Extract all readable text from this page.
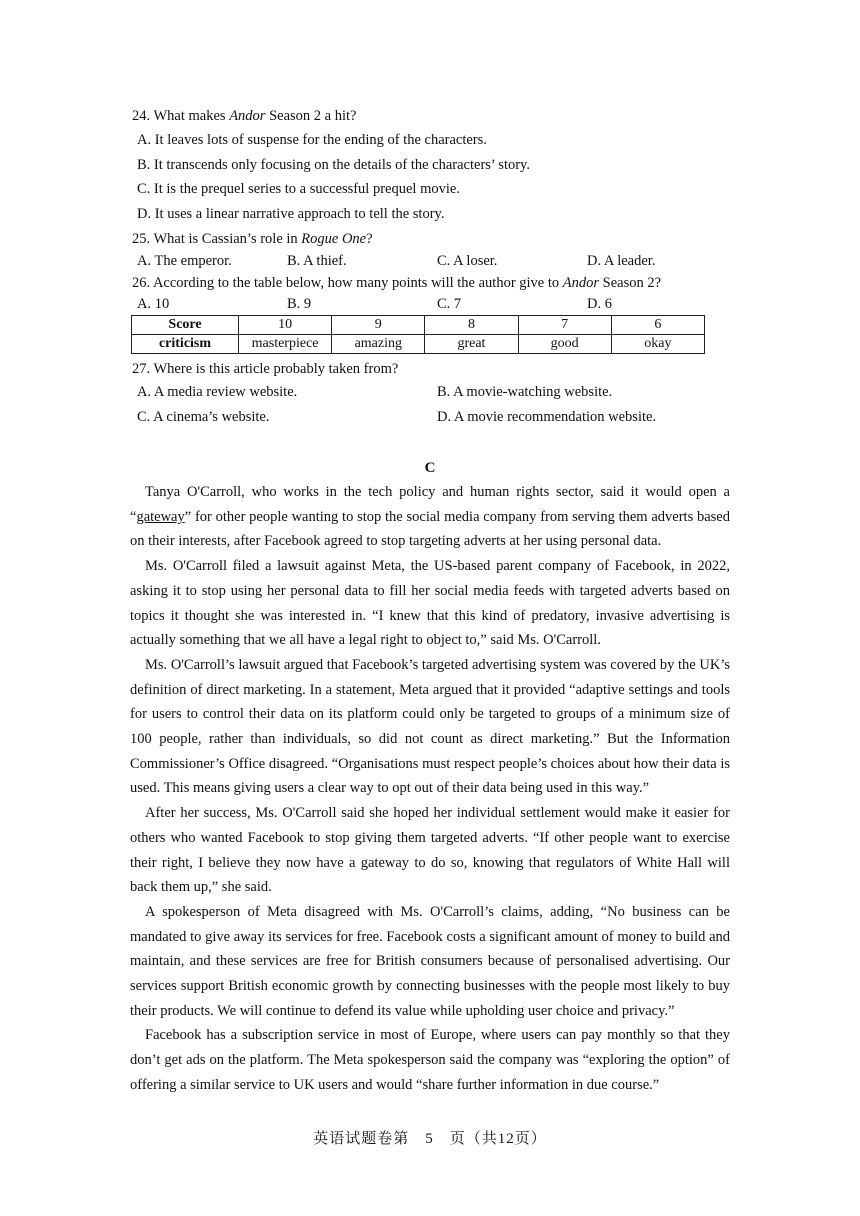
24. What makes Andor Season 2 a hit?
A. It leaves lots of suspense for the ending of the characters.
B. It transcends only focusing on the details of the characters’ story.
C. It is the prequel series to a successful prequel movie.
D. It uses a linear narrative approach to tell the story.
25. What is Cassian’s role in Rogue One?
A. The emperor.	B. A thief.	C. A loser.	D. A leader.
26. According to the table below, how many points will the author give to Andor Season 2?
A. 10	B. 9	C. 7	D. 6
Score	10	9	8	7	6
criticism	masterpiece	amazing	great	good	okay
27. Where is this article probably taken from?
A. A media review website.	B. A movie-watching website.
C. A cinema’s website.	D. A movie recommendation website.
C

Tanya O'Carroll, who works in the tech policy and human rights sector, said it would open a “gateway” for other people wanting to stop the social media company from serving them adverts based on their interests, after Facebook agreed to stop targeting adverts at her using personal data.

Ms. O'Carroll filed a lawsuit against Meta, the US-based parent company of Facebook, in 2022, asking it to stop using her personal data to fill her social media feeds with targeted adverts based on topics it thought she was interested in. “I knew that this kind of predatory, invasive advertising is actually something that we all have a legal right to object to,” said Ms. O'Carroll.

Ms. O'Carroll’s lawsuit argued that Facebook’s targeted advertising system was covered by the UK’s definition of direct marketing. In a statement, Meta argued that it provided “adaptive settings and tools for users to control their data on its platform could only be targeted to groups of a minimum size of 100 people, rather than individuals, so did not count as direct marketing.” But the Information Commissioner’s Office disagreed. “Organisations must respect people’s choices about how their data is used. This means giving users a clear way to opt out of their data being used in this way.”

After her success, Ms. O'Carroll said she hoped her individual settlement would make it easier for others who wanted Facebook to stop giving them targeted adverts. “If other people want to exercise their right, I believe they now have a gateway to do so, knowing that regulators of White Hall will back them up,” she said.

A spokesperson of Meta disagreed with Ms. O'Carroll’s claims, adding, “No business can be mandated to give away its services for free. Facebook costs a significant amount of money to build and maintain, and these services are free for British consumers because of personalised advertising. Our services support British economic growth by connecting businesses with the people most likely to buy their products. We will continue to defend its value while upholding user choice and privacy.”

Facebook has a subscription service in most of Europe, where users can pay monthly so that they don’t get ads on the platform. The Meta spokesperson said the company was “exploring the option” of offering a similar service to UK users and would “share further information in due course.”

英语试题卷第　5　页（共12页）
